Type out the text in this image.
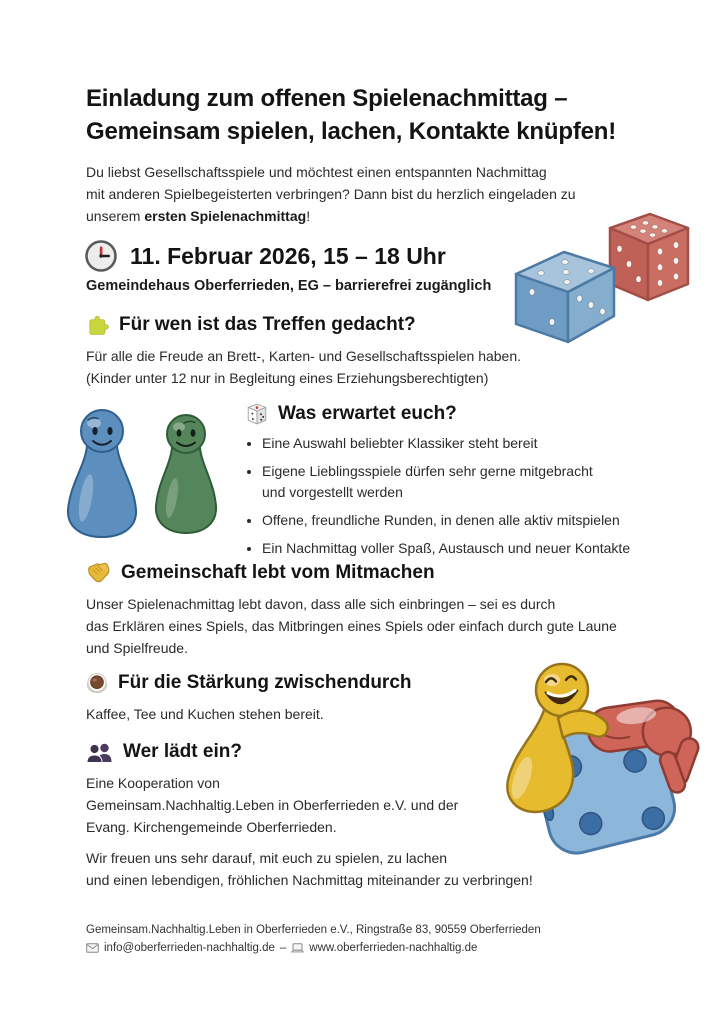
Einladung zum offenen Spielenachmittag –
Gemeinsam spielen, lachen, Kontakte knüpfen!
Du liebst Gesellschaftsspiele und möchtest einen entspannten Nachmittag
mit anderen Spielbegeisterten verbringen? Dann bist du herzlich eingeladen zu
unserem ersten Spielenachmittag!
11. Februar 2026, 15 – 18 Uhr
Gemeindehaus Oberferrieden, EG – barrierefrei zugänglich
Für wen ist das Treffen gedacht?
Für alle die Freude an Brett-, Karten- und Gesellschaftsspielen haben.
(Kinder unter 12 nur in Begleitung eines Erziehungsberechtigten)
Was erwartet euch?
• Eine Auswahl beliebter Klassiker steht bereit
• Eigene Lieblingsspiele dürfen sehr gerne mitgebracht
und vorgestellt werden
• Offene, freundliche Runden, in denen alle aktiv mitspielen
• Ein Nachmittag voller Spaß, Austausch und neuer Kontakte
Gemeinschaft lebt vom Mitmachen
Unser Spielenachmittag lebt davon, dass alle sich einbringen – sei es durch
das Erklären eines Spiels, das Mitbringen eines Spiels oder einfach durch gute Laune
und Spielfreude.
Für die Stärkung zwischendurch
Kaffee, Tee und Kuchen stehen bereit.
Wer lädt ein?
Eine Kooperation von
Gemeinsam.Nachhaltig.Leben in Oberferrieden e.V. und der
Evang. Kirchengemeinde Oberferrieden.
Wir freuen uns sehr darauf, mit euch zu spielen, zu lachen
und einen lebendigen, fröhlichen Nachmittag miteinander zu verbringen!
Gemeinsam.Nachhaltig.Leben in Oberferrieden e.V., Ringstraße 83, 90559 Oberferrieden
info@oberferrieden-nachhaltig.de – www.oberferrieden-nachhaltig.de
